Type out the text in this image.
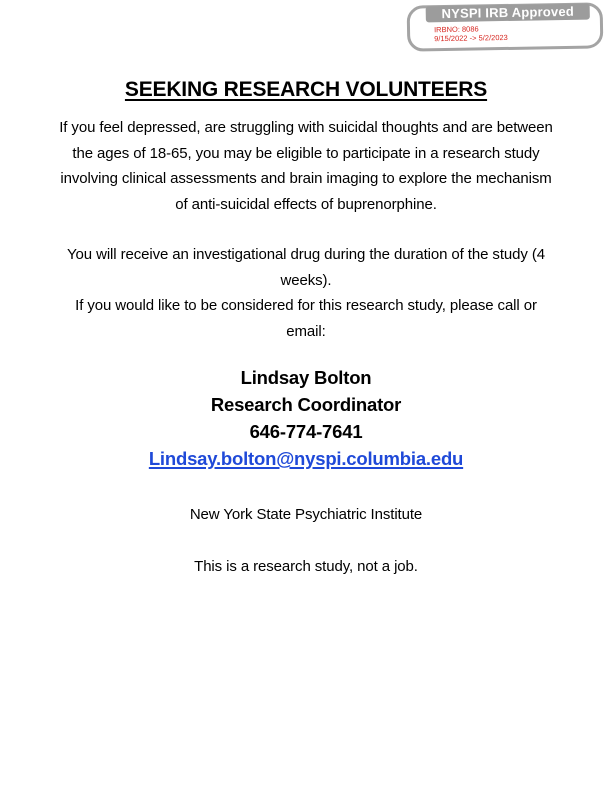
NYSPI IRB Approved
IRBNO: 8086
9/15/2022 -> 5/2/2023
SEEKING RESEARCH VOLUNTEERS
If you feel depressed, are struggling with suicidal thoughts and are between the ages of 18-65, you may be eligible to participate in a research study involving clinical assessments and brain imaging to explore the mechanism of anti-suicidal effects of buprenorphine.
You will receive an investigational drug during the duration of the study (4 weeks).
If you would like to be considered for this research study, please call or email:
Lindsay Bolton
Research Coordinator
646-774-7641
Lindsay.bolton@nyspi.columbia.edu
New York State Psychiatric Institute
This is a research study, not a job.
